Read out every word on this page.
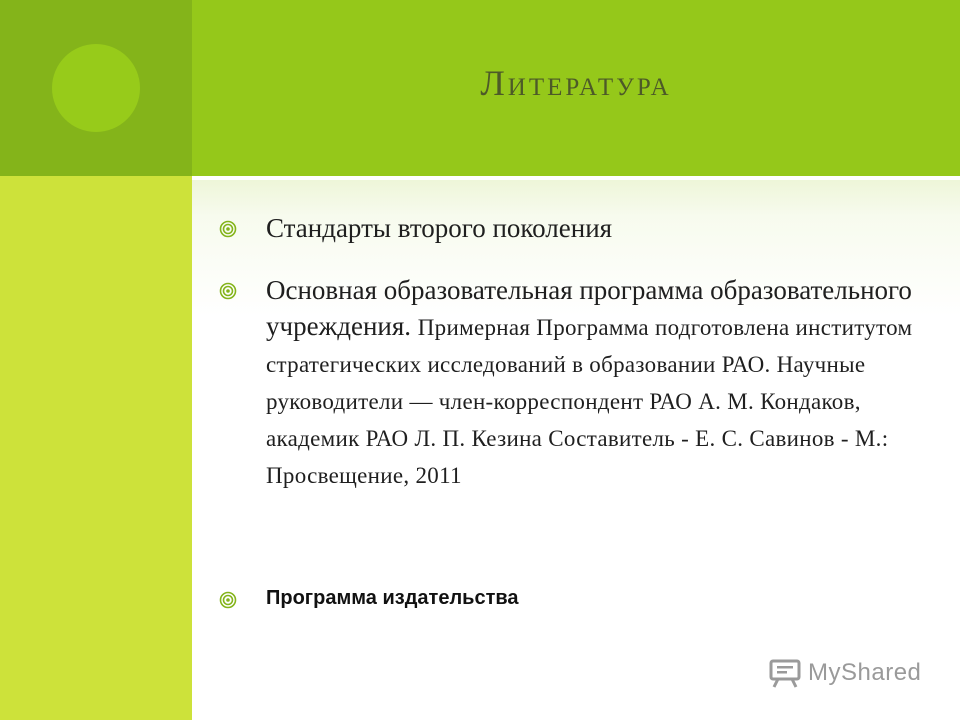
Литература
Стандарты второго поколения
Основная образовательная программа образовательного учреждения. Примерная Программа подготовлена институтом стратегических исследований в образовании РАО. Научные руководители — член-корреспондент РАО А. М. Кондаков, академик РАО Л. П. Кезина Составитель - Е. С. Савинов - М.: Просвещение, 2011
Программа издательства
MyShared
